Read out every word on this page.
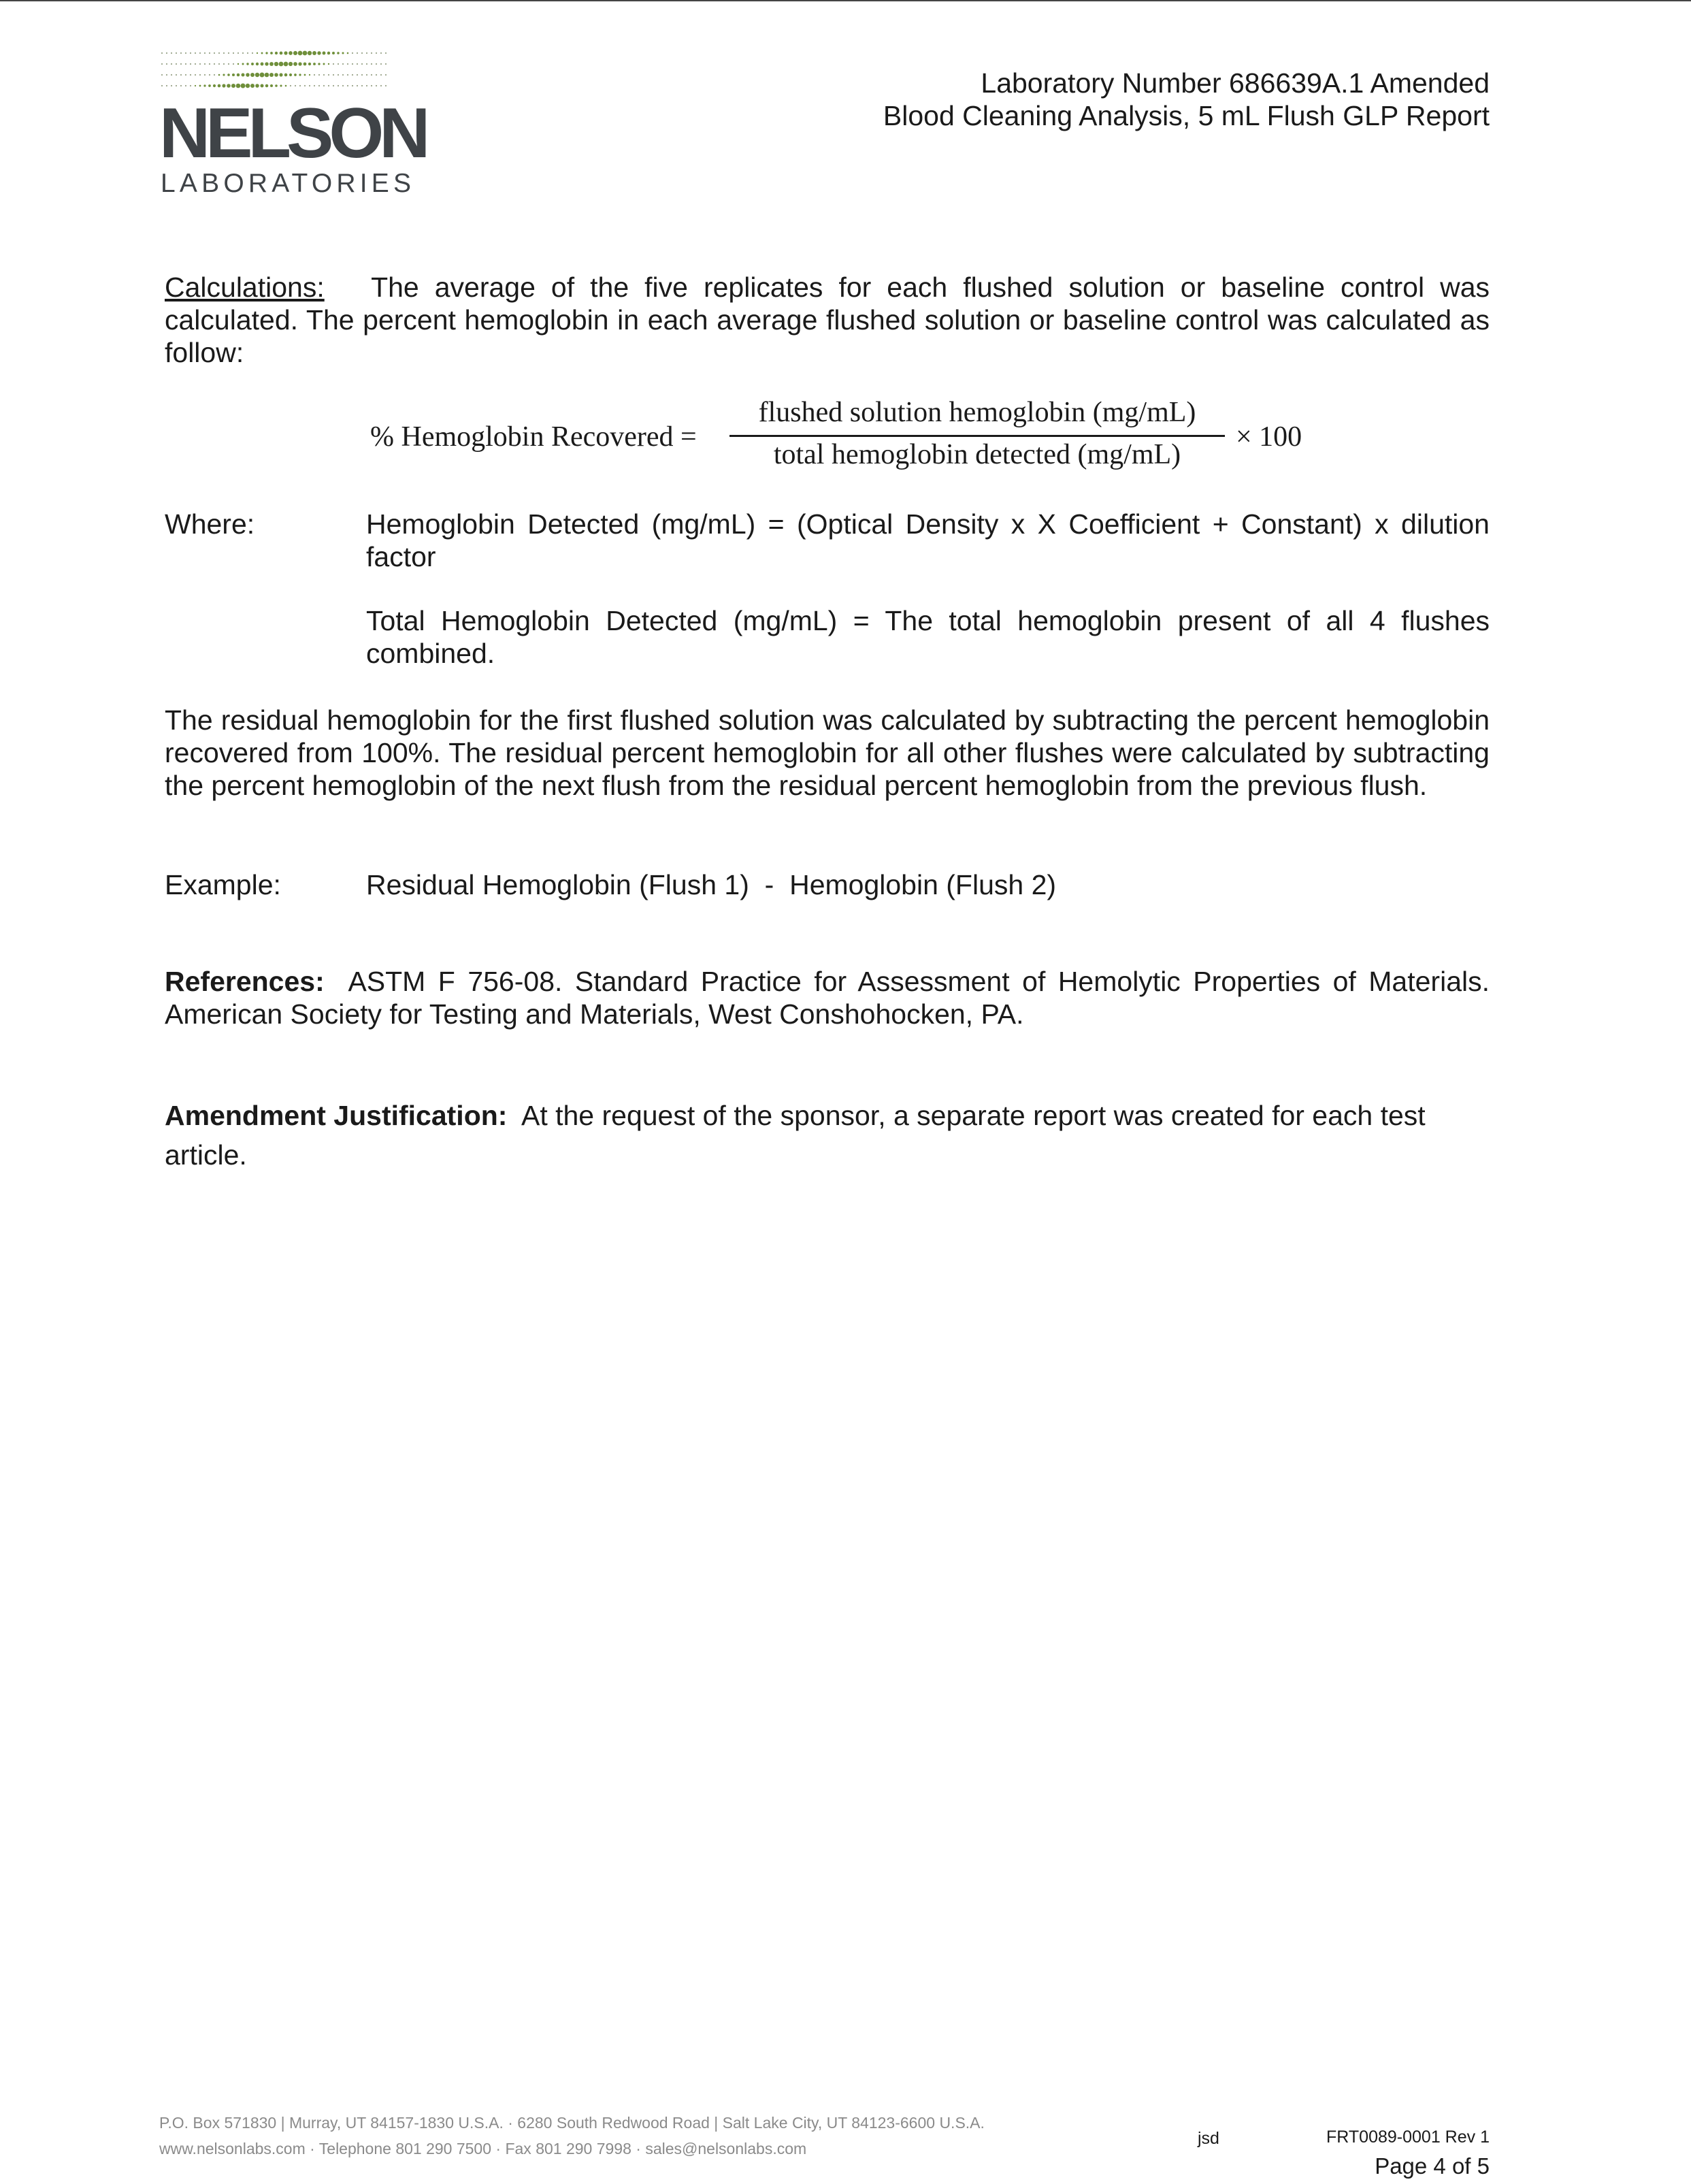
NELSON
LABORATORIES
Laboratory Number 686639A.1 Amended
Blood Cleaning Analysis, 5 mL Flush GLP Report
Calculations: The average of the five replicates for each flushed solution or baseline control was calculated. The percent hemoglobin in each average flushed solution or baseline control was calculated as follow:
% Hemoglobin Recovered =
flushed solution hemoglobin (mg/mL)
total hemoglobin detected (mg/mL)
× 100
Where:	Hemoglobin Detected (mg/mL) = (Optical Density x X Coefficient + Constant) x dilution factor
Total Hemoglobin Detected (mg/mL) = The total hemoglobin present of all 4 flushes combined.
The residual hemoglobin for the first flushed solution was calculated by subtracting the percent hemoglobin recovered from 100%. The residual percent hemoglobin for all other flushes were calculated by subtracting the percent hemoglobin of the next flush from the residual percent hemoglobin from the previous flush.
Example:	Residual Hemoglobin (Flush 1)  -  Hemoglobin (Flush 2)
References: ASTM F 756-08. Standard Practice for Assessment of Hemolytic Properties of Materials. American Society for Testing and Materials, West Conshohocken, PA.
Amendment Justification: At the request of the sponsor, a separate report was created for each test article.
P.O. Box 571830 | Murray, UT 84157-1830 U.S.A. · 6280 South Redwood Road | Salt Lake City, UT 84123-6600 U.S.A.
www.nelsonlabs.com · Telephone 801 290 7500 · Fax 801 290 7998 · sales@nelsonlabs.com
jsd	FRT0089-0001 Rev 1
Page 4 of 5
